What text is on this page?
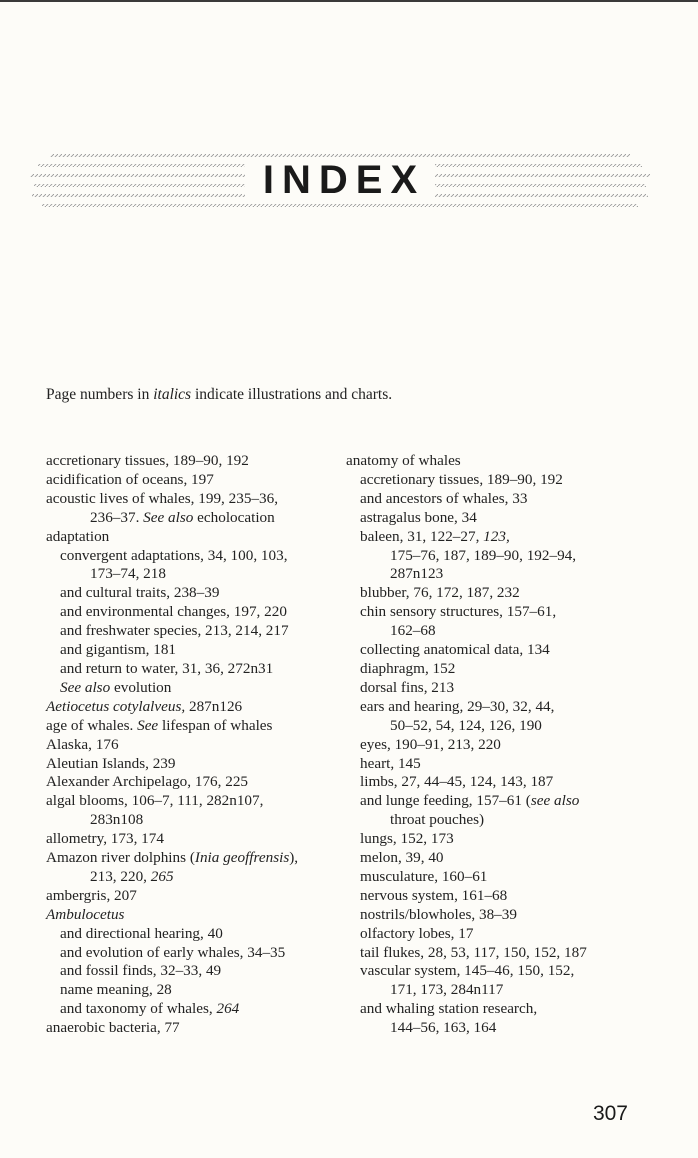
INDEX
Page numbers in italics indicate illustrations and charts.
accretionary tissues, 189–90, 192
acidification of oceans, 197
acoustic lives of whales, 199, 235–36,
236–37. See also echolocation
adaptation
convergent adaptations, 34, 100, 103,
173–74, 218
and cultural traits, 238–39
and environmental changes, 197, 220
and freshwater species, 213, 214, 217
and gigantism, 181
and return to water, 31, 36, 272n31
See also evolution
Aetiocetus cotylalveus, 287n126
age of whales. See lifespan of whales
Alaska, 176
Aleutian Islands, 239
Alexander Archipelago, 176, 225
algal blooms, 106–7, 111, 282n107,
283n108
allometry, 173, 174
Amazon river dolphins (Inia geoffrensis),
213, 220, 265
ambergris, 207
Ambulocetus
and directional hearing, 40
and evolution of early whales, 34–35
and fossil finds, 32–33, 49
name meaning, 28
and taxonomy of whales, 264
anaerobic bacteria, 77
anatomy of whales
accretionary tissues, 189–90, 192
and ancestors of whales, 33
astragalus bone, 34
baleen, 31, 122–27, 123,
175–76, 187, 189–90, 192–94,
287n123
blubber, 76, 172, 187, 232
chin sensory structures, 157–61,
162–68
collecting anatomical data, 134
diaphragm, 152
dorsal fins, 213
ears and hearing, 29–30, 32, 44,
50–52, 54, 124, 126, 190
eyes, 190–91, 213, 220
heart, 145
limbs, 27, 44–45, 124, 143, 187
and lunge feeding, 157–61 (see also
throat pouches)
lungs, 152, 173
melon, 39, 40
musculature, 160–61
nervous system, 161–68
nostrils/blowholes, 38–39
olfactory lobes, 17
tail flukes, 28, 53, 117, 150, 152, 187
vascular system, 145–46, 150, 152,
171, 173, 284n117
and whaling station research,
144–56, 163, 164
307
